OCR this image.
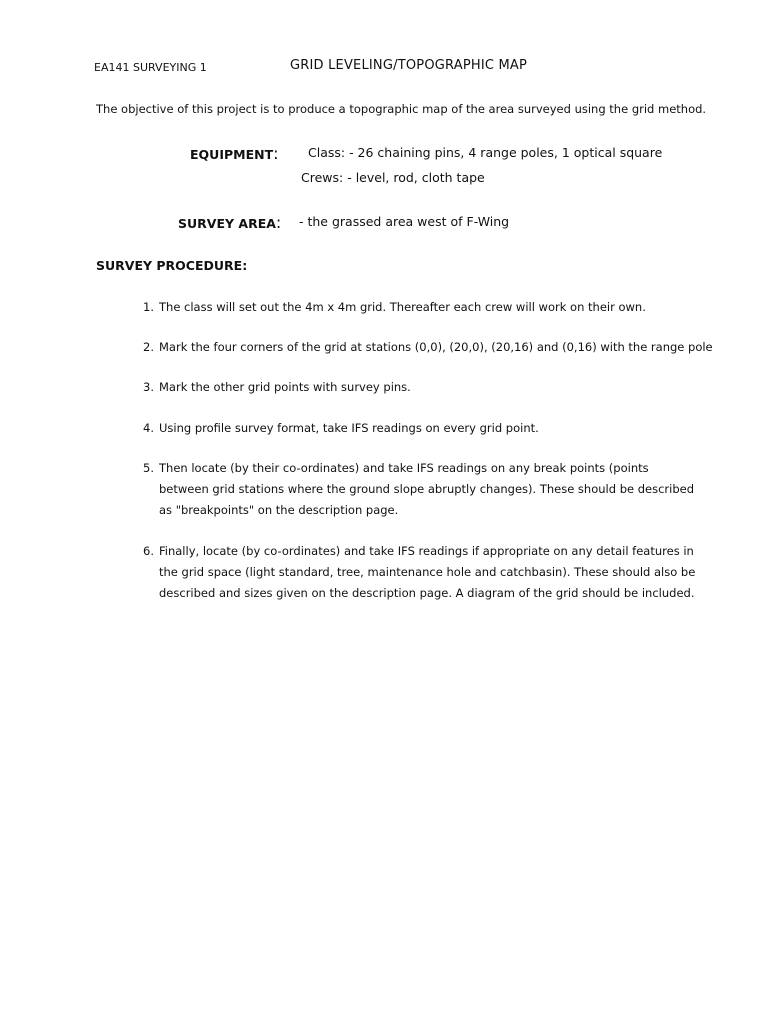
EA141 SURVEYING 1	GRID LEVELING/TOPOGRAPHIC MAP
The objective of this project is to produce a topographic map of the area surveyed using the grid method.
EQUIPMENT: Class: - 26 chaining pins, 4 range poles, 1 optical square
Crews: - level, rod, cloth tape
SURVEY AREA: - the grassed area west of F-Wing
SURVEY PROCEDURE:
1. The class will set out the 4m x 4m grid. Thereafter each crew will work on their own.
2. Mark the four corners of the grid at stations (0,0), (20,0), (20,16) and (0,16) with the range pole
3. Mark the other grid points with survey pins.
4. Using profile survey format, take IFS readings on every grid point.
5. Then locate (by their co-ordinates) and take IFS readings on any break points (points
between grid stations where the ground slope abruptly changes). These should be described
as "breakpoints" on the description page.
6. Finally, locate (by co-ordinates) and take IFS readings if appropriate on any detail features in
the grid space (light standard, tree, maintenance hole and catchbasin). These should also be
described and sizes given on the description page. A diagram of the grid should be included.
